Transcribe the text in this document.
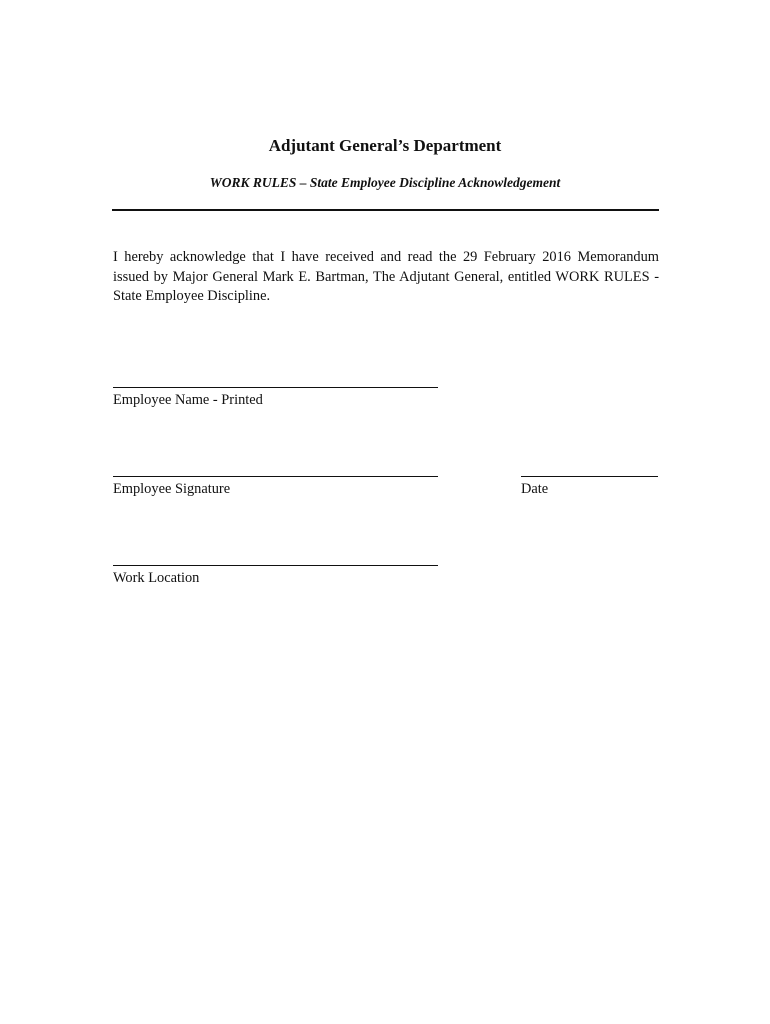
Adjutant General’s Department
WORK RULES – State Employee Discipline Acknowledgement
I hereby acknowledge that I have received and read the 29 February 2016 Memorandum issued by Major General Mark E. Bartman, The Adjutant General, entitled WORK RULES - State Employee Discipline.
Employee Name - Printed
Employee Signature	Date
Work Location
